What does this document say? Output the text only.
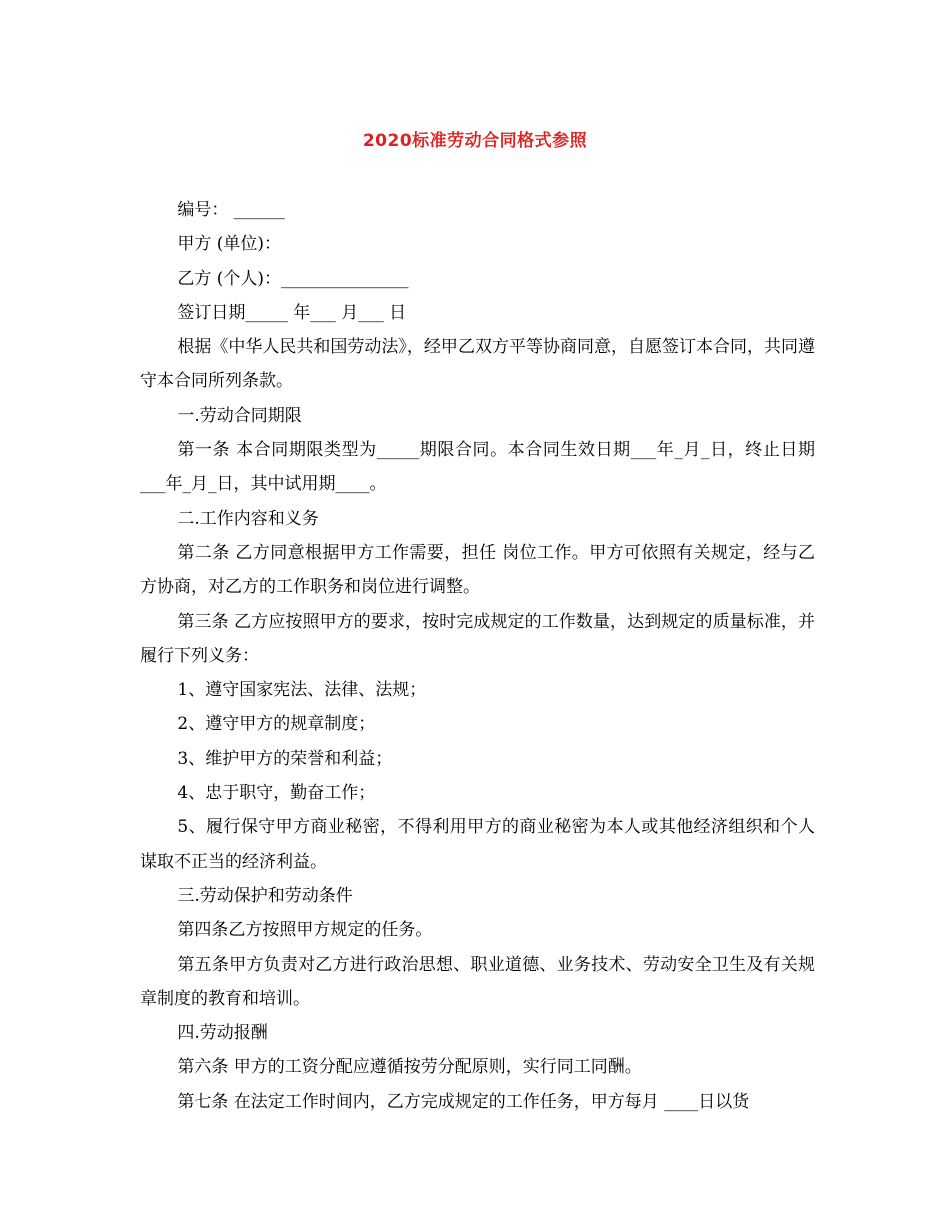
2020标准劳动合同格式参照

编号： ______

甲方 (单位)：

乙方 (个人)：_______________

签订日期_____ 年___ 月___ 日

根据《中华人民共和国劳动法》，经甲乙双方平等协商同意，自愿签订本合同，共同遵守本合同所列条款。

一.劳动合同期限

第一条 本合同期限类型为_____期限合同。本合同生效日期___年_月_日，终止日期___年_月_日，其中试用期____。

二.工作内容和义务

第二条 乙方同意根据甲方工作需要，担任 岗位工作。甲方可依照有关规定，经与乙方协商，对乙方的工作职务和岗位进行调整。

第三条 乙方应按照甲方的要求，按时完成规定的工作数量，达到规定的质量标准，并履行下列义务：

1、遵守国家宪法、法律、法规；

2、遵守甲方的规章制度；

3、维护甲方的荣誉和利益；

4、忠于职守，勤奋工作；

5、履行保守甲方商业秘密，不得利用甲方的商业秘密为本人或其他经济组织和个人谋取不正当的经济利益。

三.劳动保护和劳动条件

第四条乙方按照甲方规定的任务。

第五条甲方负责对乙方进行政治思想、职业道德、业务技术、劳动安全卫生及有关规章制度的教育和培训。

四.劳动报酬

第六条 甲方的工资分配应遵循按劳分配原则，实行同工同酬。

第七条 在法定工作时间内，乙方完成规定的工作任务，甲方每月 ____日以货
